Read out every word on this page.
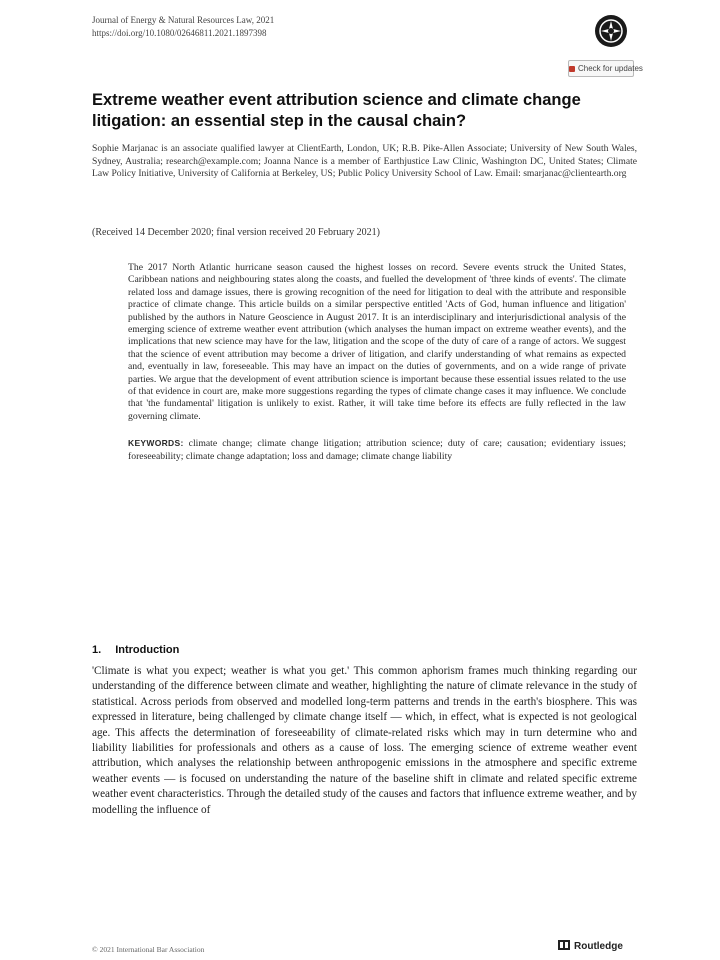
Journal of Energy & Natural Resources Law, 2021
https://doi.org/10.1080/02646811.2021.1897398
Check for updates
Extreme weather event attribution science and climate change litigation: an essential step in the causal chain?
Sophie Marjanac is an associate qualified lawyer at ClientEarth, London, UK; R.B. Pike-Allen Associate; University of New South Wales, Sydney, Australia; research@example.com; Joanna Nance is a member of Earthjustice Law Clinic, Washington DC, United States; Climate Law Policy Initiative, University of California at Berkeley, US; Public Policy University School of Law. Email: smarjanac@clientearth.org
(Received 14 December 2020; final version received 20 February 2021)

The 2017 North Atlantic hurricane season caused the highest losses on record. Severe events struck the United States, Caribbean nations and neighbouring states along the coasts, and fuelled the development of 'three kinds of events'. The climate related loss and damage issues, there is growing recognition of the need for litigation to deal with the attribute and responsible practice of climate change. This article builds on a similar perspective entitled 'Acts of God, human influence and litigation' published by the authors in Nature Geoscience in August 2017. It is an interdisciplinary and interjurisdictional analysis of the emerging science of extreme weather event attribution (which analyses the human impact on extreme weather events), and the implications that new science may have for the law, litigation and the scope of the duty of care of a range of actors. We suggest that the science of event attribution may become a driver of litigation, and clarify understanding of what remains as expected and, eventually in law, foreseeable. This may have an impact on the duties of governments, and on a wide range of private parties. We argue that the development of event attribution science is important because these essential issues related to the use of that evidence in court are, make more suggestions regarding the types of climate change cases it may influence. We conclude that 'the fundamental' litigation is unlikely to exist. Rather, it will take time before its effects are fully reflected in the law governing climate.

KEYWORDS: climate change; climate change litigation; attribution science; duty of care; causation; evidentiary issues; foreseeability; climate change adaptation; loss and damage; climate change liability

1. Introduction

'Climate is what you expect; weather is what you get.' This common aphorism frames much thinking regarding our understanding of the difference between climate and weather, highlighting the nature of climate relevance in the study of statistical. Across periods from observed and modelled long-term patterns and trends in the earth's biosphere. This was expressed in literature, being challenged by climate change itself — which, in effect, what is expected is not geological age. This affects the determination of foreseeability of climate-related risks which may in turn determine who and liability liabilities for professionals and others as a cause of loss. The emerging science of extreme weather event attribution, which analyses the relationship between anthropogenic emissions in the atmosphere and specific extreme weather events — is focused on understanding the nature of the baseline shift in climate and related specific extreme weather event characteristics. Through the detailed study of the causes and factors that influence extreme weather, and by modelling the influence of

© 2021 International Bar Association	Routledge
